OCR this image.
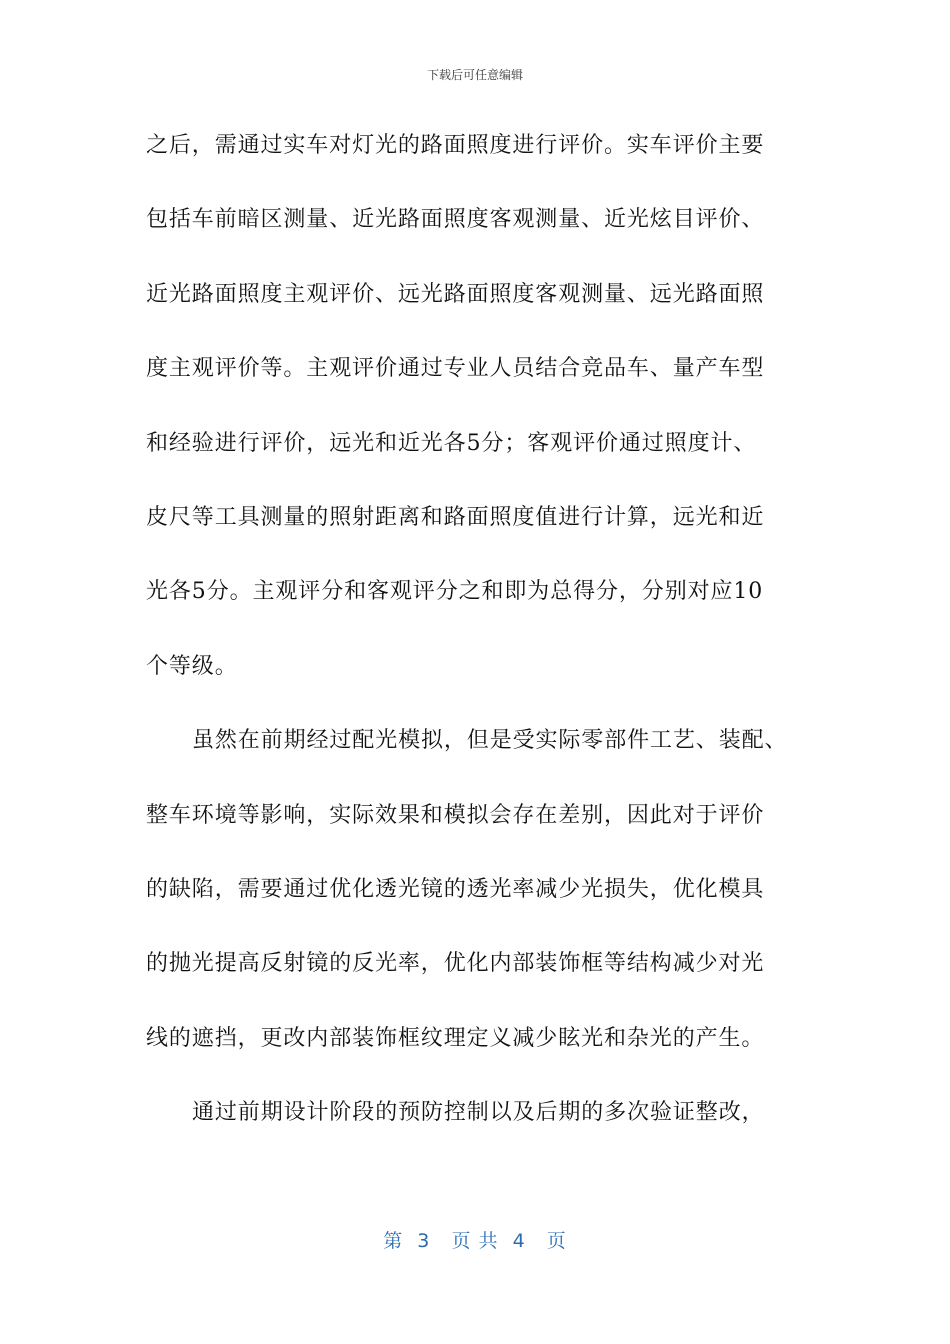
下载后可任意编辑
之后，需通过实车对灯光的路面照度进行评价。实车评价主要
包括车前暗区测量、近光路面照度客观测量、近光炫目评价、
近光路面照度主观评价、远光路面照度客观测量、远光路面照
度主观评价等。主观评价通过专业人员结合竞品车、量产车型
和经验进行评价，远光和近光各5分；客观评价通过照度计、
皮尺等工具测量的照射距离和路面照度值进行计算，远光和近
光各5分。主观评分和客观评分之和即为总得分，分别对应10
个等级。
虽然在前期经过配光模拟，但是受实际零部件工艺、装配、
整车环境等影响，实际效果和模拟会存在差别，因此对于评价
的缺陷，需要通过优化透光镜的透光率减少光损失，优化模具
的抛光提高反射镜的反光率，优化内部装饰框等结构减少对光
线的遮挡，更改内部装饰框纹理定义减少眩光和杂光的产生。
通过前期设计阶段的预防控制以及后期的多次验证整改，
第  3   页 共  4   页
